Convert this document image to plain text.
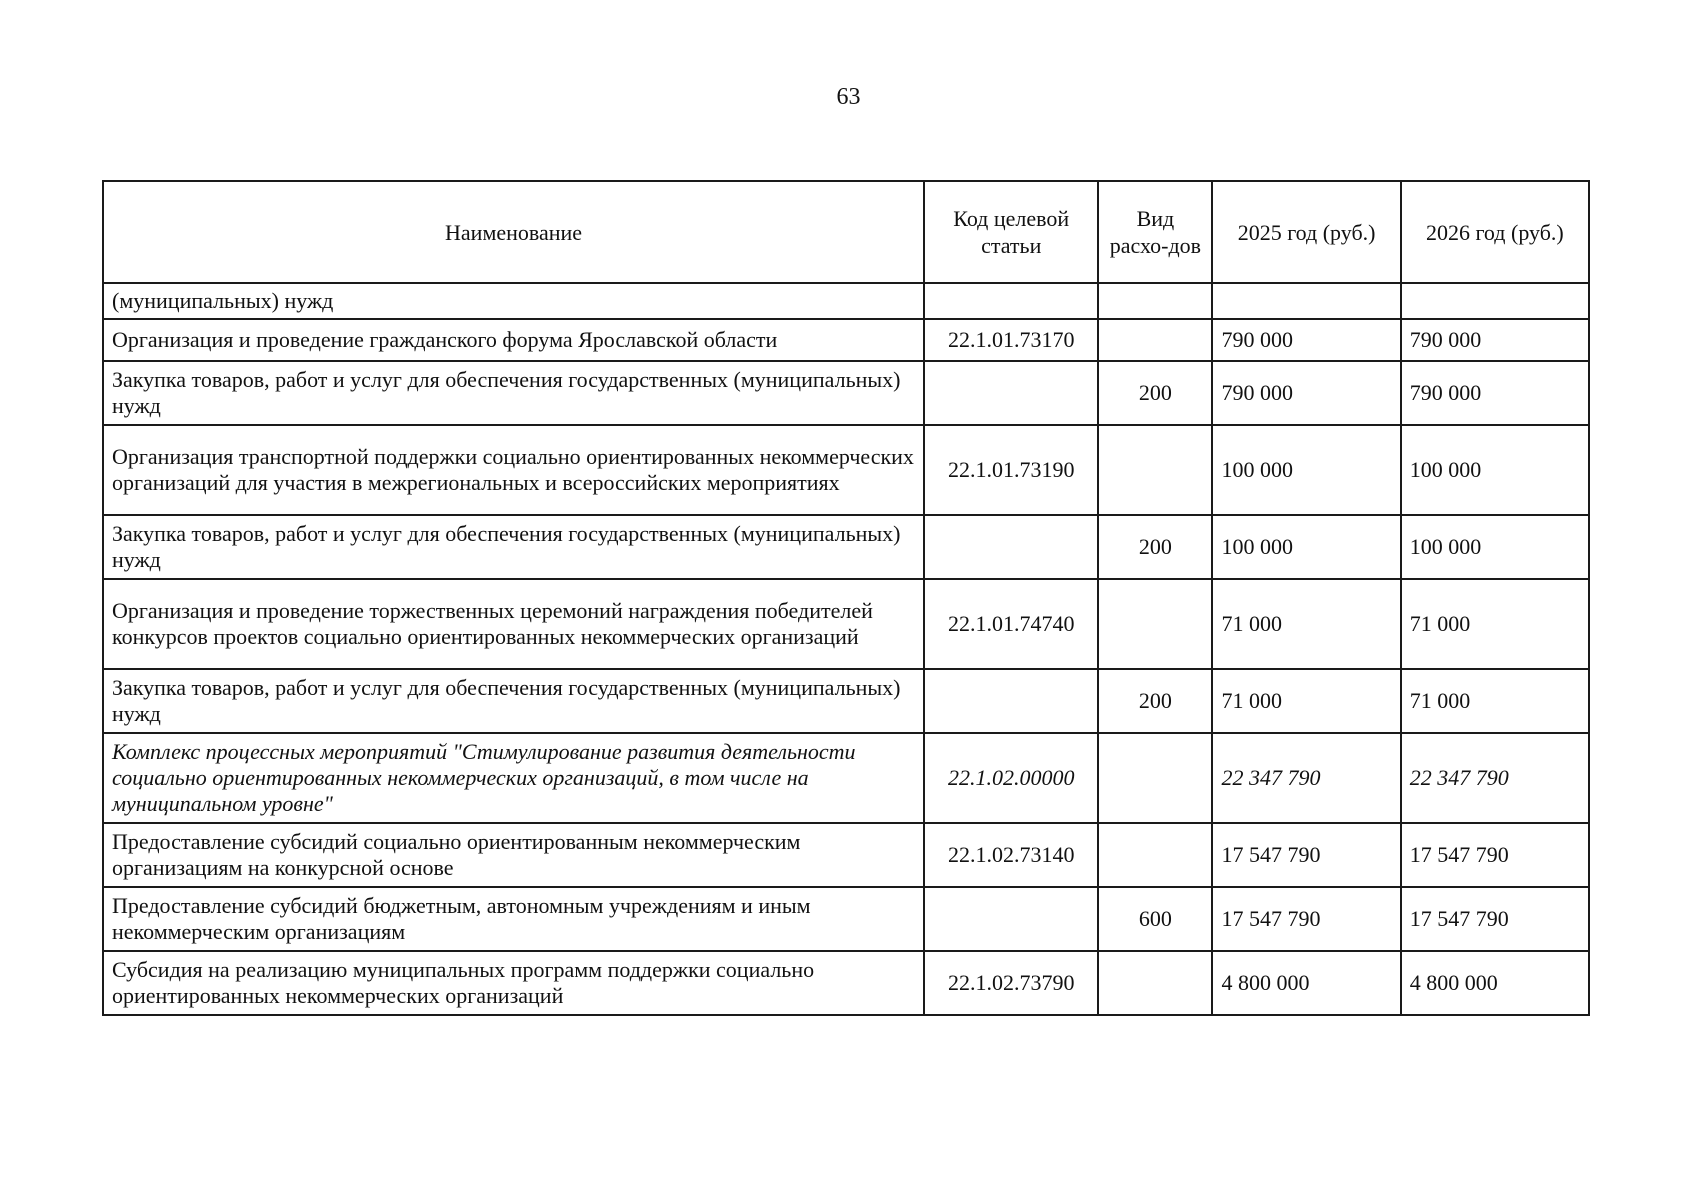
63
Наименование	Код целевой статьи	Вид расхо-дов	2025 год (руб.)	2026 год (руб.)
(муниципальных) нужд				
Организация и проведение гражданского форума Ярославской области	22.1.01.73170		790 000	790 000
Закупка товаров, работ и услуг для обеспечения государственных (муниципальных) нужд		200	790 000	790 000
Организация транспортной поддержки социально ориентированных некоммерческих организаций для участия в межрегиональных и всероссийских мероприятиях	22.1.01.73190		100 000	100 000
Закупка товаров, работ и услуг для обеспечения государственных (муниципальных) нужд		200	100 000	100 000
Организация и проведение торжественных церемоний награждения победителей конкурсов проектов социально ориентированных некоммерческих организаций	22.1.01.74740		71 000	71 000
Закупка товаров, работ и услуг для обеспечения государственных (муниципальных) нужд		200	71 000	71 000
Комплекс процессных мероприятий "Стимулирование развития деятельности социально ориентированных некоммерческих организаций, в том числе на муниципальном уровне"	22.1.02.00000		22 347 790	22 347 790
Предоставление субсидий социально ориентированным некоммерческим организациям на конкурсной основе	22.1.02.73140		17 547 790	17 547 790
Предоставление субсидий бюджетным, автономным учреждениям и иным некоммерческим организациям		600	17 547 790	17 547 790
Субсидия на реализацию муниципальных программ поддержки социально ориентированных некоммерческих организаций	22.1.02.73790		4 800 000	4 800 000
